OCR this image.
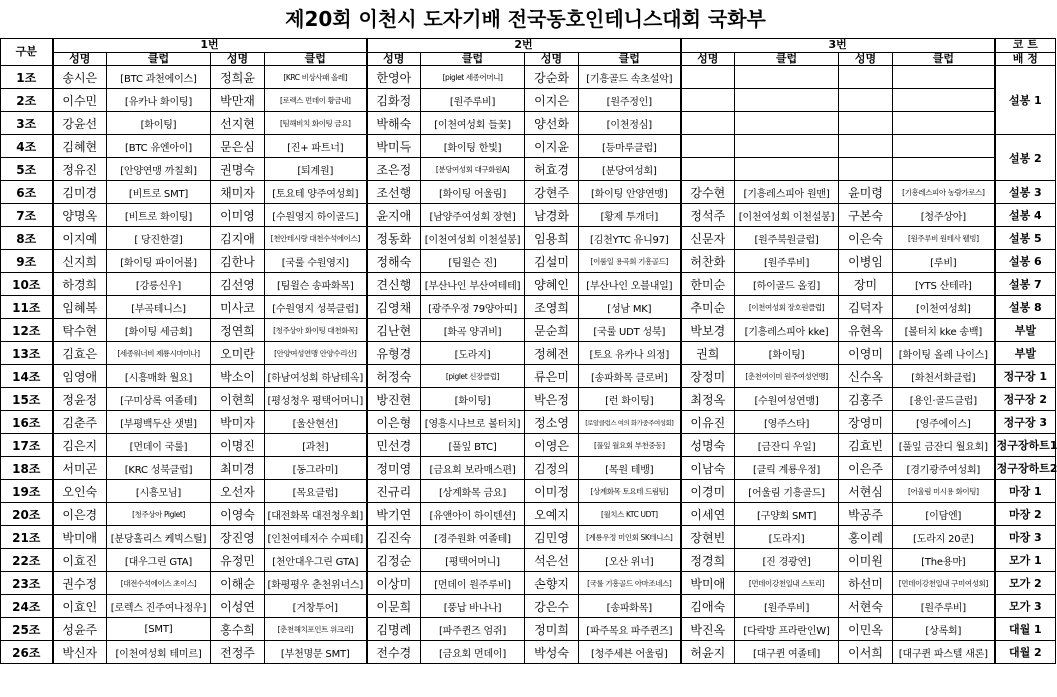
제20회 이천시 도자기배 전국동호인테니스대회 국화부
구분	1번				2번				3번				코 트
	성명	클럽	성명	클럽	성명	클럽	성명	클럽	성명	클럽	성명	클럽	배 정
1조	송시은	[BTC 과천에이스]	정희윤	[KRC 비상사패 올레]	한영아	[piglet 세종어머니]	강순화	[기흥골드 속초설악]					설봉 1
2조	이수민	[유카나 화이팅]	박만재	[로렉스 먼데이 황금내]	김화정	[원주루비]	이지은	[원주정인]					
3조	강윤선	[화이팅]	선지현	[팀해비치 화이팅 금요]	박해숙	[이천여성회 들꽃]	양선화	[이천정심]					
4조	김혜현	[BTC 유엔아이]	문은심	[진+ 파트너]	박미득	[화이팅 한빛]	이지윤	[등마루클럽]					설봉 2
5조	정유진	[안양연맹 까칠회]	권명숙	[퇴계원]	조은정	[분당여성회 대구화원A]	허효경	[분당여성회]					
6조	김미경	[비트로 SMT]	채미자	[토요테 양주여성회]	조선행	[화이팅 어울림]	강현주	[화이팅 안양연맹]	강수현	[기흥레스피아 원맨]	윤미령	[기흥레스피아 농람가로스]	설봉 3
7조	양명옥	[비트로 화이팅]	이미영	[수원영지 하이골드]	윤지애	[남양주여성회 장현]	남경화	[황제 투개더]	정석주	[이천여성회 이천설봉]	구본숙	[청주상아]	설봉 4
8조	이지예	[ 당진한결]	김지애	[천안테시랑 대천수석에이스]	정동화	[이천여성회 이천설봉]	임용희	[김천YTC 유니97]	신문자	[원주북원클럽]	이은숙	[원주루비 원테사 웰빙]	설봉 5
9조	신지희	[화이팅 파이어볼]	김한나	[국룰 수원영지]	정해숙	[팀윌슨 진]	김설미	[이룸일 용곡회 기흥골드]	허찬화	[원주루비]	이병임	[루비]	설봉 6
10조	하경희	[강릉신우]	김선영	[팀윌슨 송파화목]	견신행	[부산나인 부산여테테]	양혜인	[부산나인 오블내일]	한미순	[하이골드 올킴]	장미	[YTS 산테라]	설봉 7
11조	임혜복	[부곡테니스]	미사코	[수원영지 성북클럽]	김영채	[광주우정 79양아띠]	조영희	[성남 MK]	추미순	[이천여성회 장호원클럽]	김덕자	[이천여성회]	설봉 8
12조	탁수현	[화이팅 세금회]	정연희	[청주상아 화이팅 대천화목]	김난현	[화곡 양귀비]	문순희	[국룰 UDT 성북]	박보경	[기흥레스피아 kke]	유현옥	[볼터치 kke 송백]	부발
13조	김효은	[세종워너비 제룡시마미나]	오미란	[안양여성연맹 안양수리산]	유형경	[도라지]	정혜전	[토요 유카나 의정]	권희	[화이팅]	이영미	[화이팅 올레 나이스]	부발
14조	임영애	[시흥매화 월요]	박소이	[하남여성회 하남테옥]	허정숙	[piglet 신장클럽]	류은미	[송파화목 클로버]	장정미	[춘천여이미 원주여성연맹]	신수옥	[화천서화클럽]	정구장 1
15조	정윤정	[구미상록 여졸테]	이현희	[평성청우 평택어머니]	방진현	[화이팅]	박은정	[런 화이팅]	최정옥	[수원여성연맹]	김홍주	[용인·골드클럽]	정구장 2
16조	김춘주	[부평백두산 샛별]	박미자	[울산현선]	이은형	[영흥시나브로 볼터치]	정소영	[로알클럽스 여의 화가중주여성회]	이유진	[영주스타]	장영미	[영주에이스]	정구장 3
17조	김은지	[먼데이 국룰]	이명진	[과천]	민선경	[풀잎 BTC]	이영은	[풀잎 월요회 부천중동]	성명숙	[금잔디 우일]	김효빈	[풀잎 금잔디 월요회]	정구장하트1
18조	서미곤	[KRC 성북클럽]	최미경	[동그라미]	정미영	[금요회 보라매스편]	김정의	[목원 테뱅]	이남숙	[클릭 계룡우정]	이은주	[경기광주여성회]	정구장하트2
19조	오인숙	[시흥모님]	오선자	[목요클럽]	진규리	[상계화목 금요]	이미정	[상계화목 토요테 드림팀]	이경미	[어울림 기흥골드]	서현심	[어울림 미시용 화이팅]	마장 1
20조	이은경	[청주상아 Piglet]	이영숙	[대전화목 대전청우회]	박기연	[유앤아이 하이텐션]	오예지	[월치스 KTC UDT]	이세연	[구양회 SMT]	박공주	[이담엔]	마장 2
21조	박미애	[분당홀리스 케빅스틸]	장진영	[인천여테저수 수피테]	김진숙	[경주원화 여졸테]	김민영	[계룡우정 미인회 SK테니스]	장현빈	[도라지]	홍이레	[도라지 20쿤]	마장 3
22조	이효진	[대우그린 GTA]	유정민	[천안대우그린 GTA]	김정순	[평택어머니]	석은선	[오산 위너]	정경희	[진 경광연]	이미원	[The용마]	모가 1
23조	권수정	[대전수석에이스 초이스]	이해순	[화평평우 춘천위너스]	이상미	[먼데이 원주루비]	손향지	[국룰 기흥골드 아마조네스]	박미애	[먼데이강천일내 스토리]	하선미	[먼데이강천일내 구미여성회]	모가 2
24조	이효인	[로렉스 진주여나정우]	이성연	[거창투어]	이문희	[풍납 바나나]	강은수	[송파화목]	김애숙	[원주루비]	서현숙	[원주루비]	모가 3
25조	성윤주	[SMT]	홍수희	[춘천해치포인트 위크리]	김명례	[파주퀸즈 엄쥐]	정미희	[파주목요 파주퀸즈]	박진옥	[다락방 프라란인W]	이민옥	[상록회]	대월 1
26조	박신자	[이천여성회 테미르]	전정주	[부천명문 SMT]	전수경	[금요회 먼데이]	박성숙	[청주세븐 어울림]	허윤지	[대구퀸 여졸테]	이서희	[대구퀸 파스텔 새론]	대월 2
